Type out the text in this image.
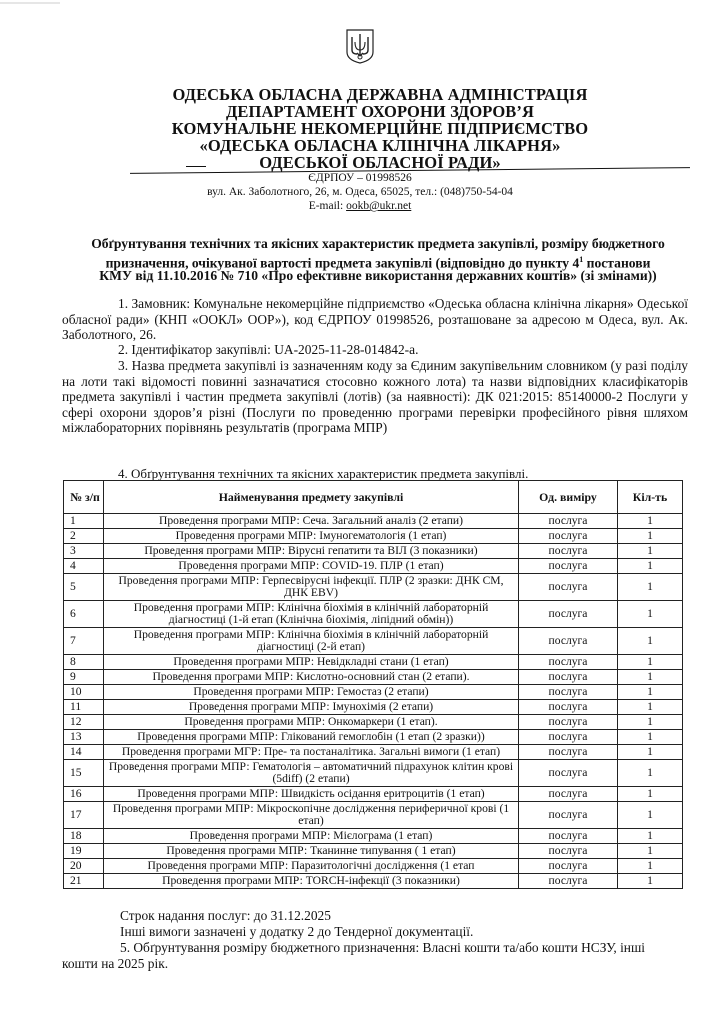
ОДЕСЬКА ОБЛАСНА ДЕРЖАВНА АДМІНІСТРАЦІЯ
ДЕПАРТАМЕНТ ОХОРОНИ ЗДОРОВ’Я
КОМУНАЛЬНЕ НЕКОМЕРЦІЙНЕ ПІДПРИЄМСТВО
«ОДЕСЬКА ОБЛАСНА КЛІНІЧНА ЛІКАРНЯ»
ОДЕСЬКОЇ ОБЛАСНОЇ РАДИ»
ЄДРПОУ – 01998526
вул. Ак. Заболотного, 26, м. Одеса, 65025, тел.: (048)750-54-04
E-mail: ookb@ukr.net
Обґрунтування технічних та якісних характеристик предмета закупівлі, розміру бюджетного
призначення, очікуваної вартості предмета закупівлі (відповідно до пункту $4^1$ постанови
КМУ від 11.10.2016 № 710 «Про ефективне використання державних коштів» (зі змінами))
1. Замовник: Комунальне некомерційне підприємство «Одеська обласна клінічна лікарня» Одеської обласної ради» (КНП «ООКЛ» ООР»), код ЄДРПОУ 01998526, розташоване за адресою м Одеса, вул. Ак. Заболотного, 26.
2. Ідентифікатор закупівлі: UA-2025-11-28-014842-a.
3. Назва предмета закупівлі із зазначенням коду за Єдиним закупівельним словником (у разі поділу на лоти такі відомості повинні зазначатися стосовно кожного лота) та назви відповідних класифікаторів предмета закупівлі і частин предмета закупівлі (лотів) (за наявності): ДК 021:2015: 85140000-2 Послуги у сфері охорони здоров’я різні (Послуги по проведенню програми перевірки професійного рівня шляхом міжлабораторних порівнянь результатів (програма МПР)
4. Обґрунтування технічних та якісних характеристик предмета закупівлі.
№ з/п	Найменування предмету закупівлі	Од. виміру	Кіл-ть
1	Проведення програми МПР: Сеча. Загальний аналіз (2 етапи)	послуга	1
2	Проведення програми МПР: Імуногематологія (1 етап)	послуга	1
3	Проведення програми МПР: Вірусні гепатити та ВІЛ (3 показники)	послуга	1
4	Проведення програми МПР: COVID-19. ПЛР (1 етап)	послуга	1
5	Проведення програми МПР: Герпесвірусні інфекції. ПЛР (2 зразки: ДНК CM, ДНК EBV)	послуга	1
6	Проведення програми МПР: Клінічна біохімія в клінічній лабораторній діагностиці (1-й етап (Клінічна біохімія, ліпідний обмін))	послуга	1
7	Проведення програми МПР: Клінічна біохімія в клінічній лабораторній діагностиці (2-й етап)	послуга	1
8	Проведення програми МПР: Невідкладні стани (1 етап)	послуга	1
9	Проведення програми МПР: Кислотно-основний стан (2 етапи).	послуга	1
10	Проведення програми МПР: Гемостаз (2 етапи)	послуга	1
11	Проведення програми МПР: Імунохімія (2 етапи)	послуга	1
12	Проведення програми МПР: Онкомаркери (1 етап).	послуга	1
13	Проведення програми МПР: Глікований гемоглобін (1 етап (2 зразки))	послуга	1
14	Проведення програми МГР: Пре- та постаналітика. Загальні вимоги (1 етап)	послуга	1
15	Проведення програми МПР: Гематологія – автоматичний підрахунок клітин крові (5diff) (2 етапи)	послуга	1
16	Проведення програми МПР: Швидкість осідання еритроцитів (1 етап)	послуга	1
17	Проведення програми МПР: Мікроскопічне дослідження периферичної крові (1 етап)	послуга	1
18	Проведення програми МПР: Мієлограма (1 етап)	послуга	1
19	Проведення програми МПР: Тканинне типування ( 1 етап)	послуга	1
20	Проведення програми МПР: Паразитологічні дослідження (1 етап	послуга	1
21	Проведення програми МПР: TORCH-інфекції (3 показники)	послуга	1
Строк надання послуг: до 31.12.2025
Інші вимоги зазначені у додатку 2 до Тендерної документації.
5. Обґрунтування розміру бюджетного призначення: Власні кошти та/або кошти НСЗУ, інші
кошти на 2025 рік.
